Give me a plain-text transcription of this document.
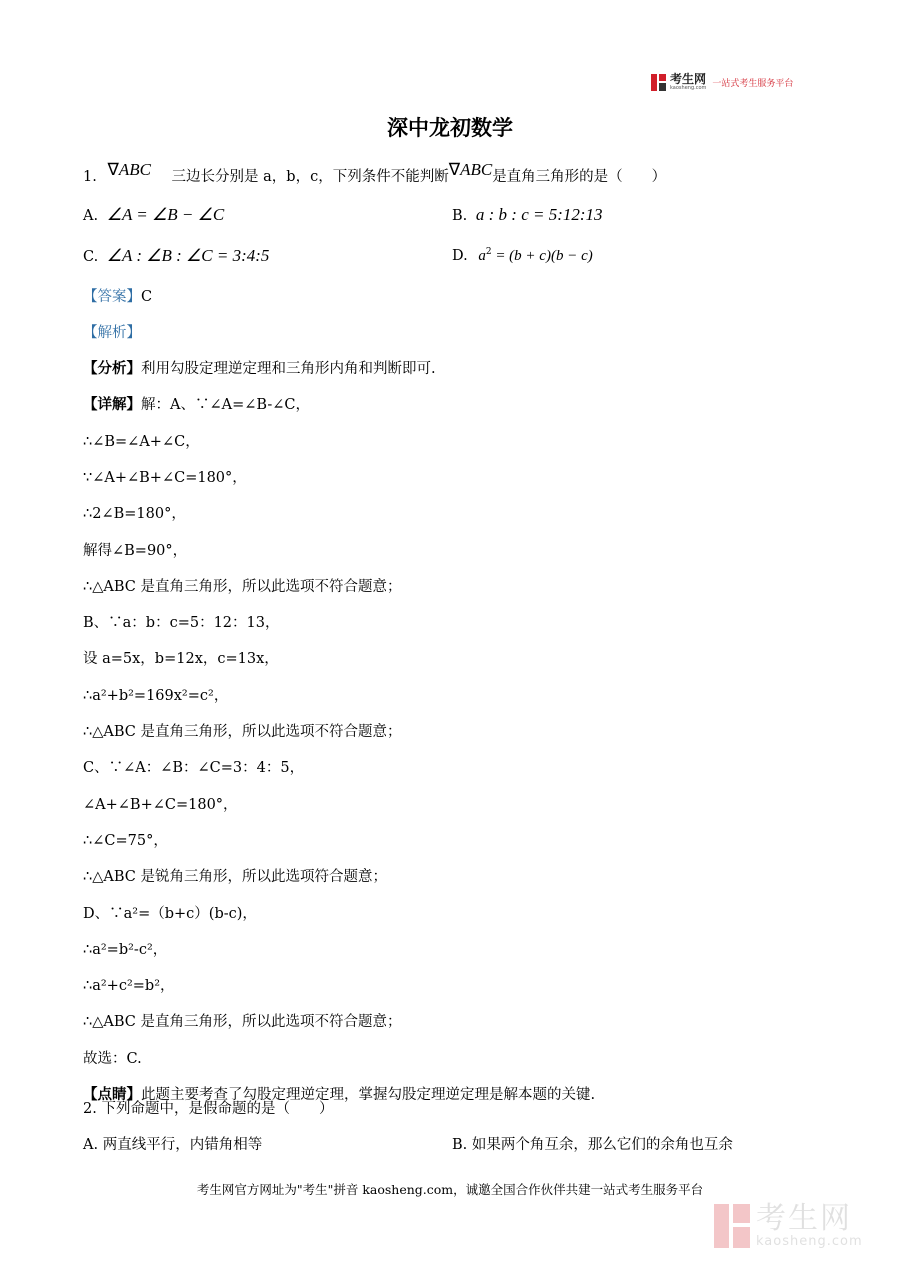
考生网
kaosheng.com 一站式考生服务平台
深中龙初数学
1. ∇ABC 三边长分别是 a，b，c，下列条件不能判断∇ABC是直角三角形的是（　　）
A. ∠A = ∠B − ∠C	B. a : b : c = 5:12:13
C. ∠A : ∠B : ∠C = 3:4:5	D. $a^2 = (b + c)(b - c)$
【答案】C
【解析】
【分析】利用勾股定理逆定理和三角形内角和判断即可.
【详解】解：A、∵∠A=∠B-∠C，
∴∠B=∠A+∠C，
∵∠A+∠B+∠C=180°，
∴2∠B=180°，
解得∠B=90°，
∴△ABC 是直角三角形，所以此选项不符合题意；
B、∵a：b：c=5：12：13，
设 a=5x，b=12x，c=13x，
∴a²+b²=169x²=c²，
∴△ABC 是直角三角形，所以此选项不符合题意；
C、∵∠A：∠B：∠C=3：4：5，
∠A+∠B+∠C=180°，
∴∠C=75°，
∴△ABC 是锐角三角形，所以此选项符合题意；
D、∵a²=（b+c）(b-c)，
∴a²=b²-c²，
∴a²+c²=b²，
∴△ABC 是直角三角形，所以此选项不符合题意；
故选：C.
【点睛】此题主要考查了勾股定理逆定理，掌握勾股定理逆定理是解本题的关键.
2. 下列命题中，是假命题的是（　　）
A. 两直线平行，内错角相等	B. 如果两个角互余，那么它们的余角也互余
考生网官方网址为"考生"拼音 kaosheng.com，诚邀全国合作伙伴共建一站式考生服务平台
考生网
kaosheng.com
